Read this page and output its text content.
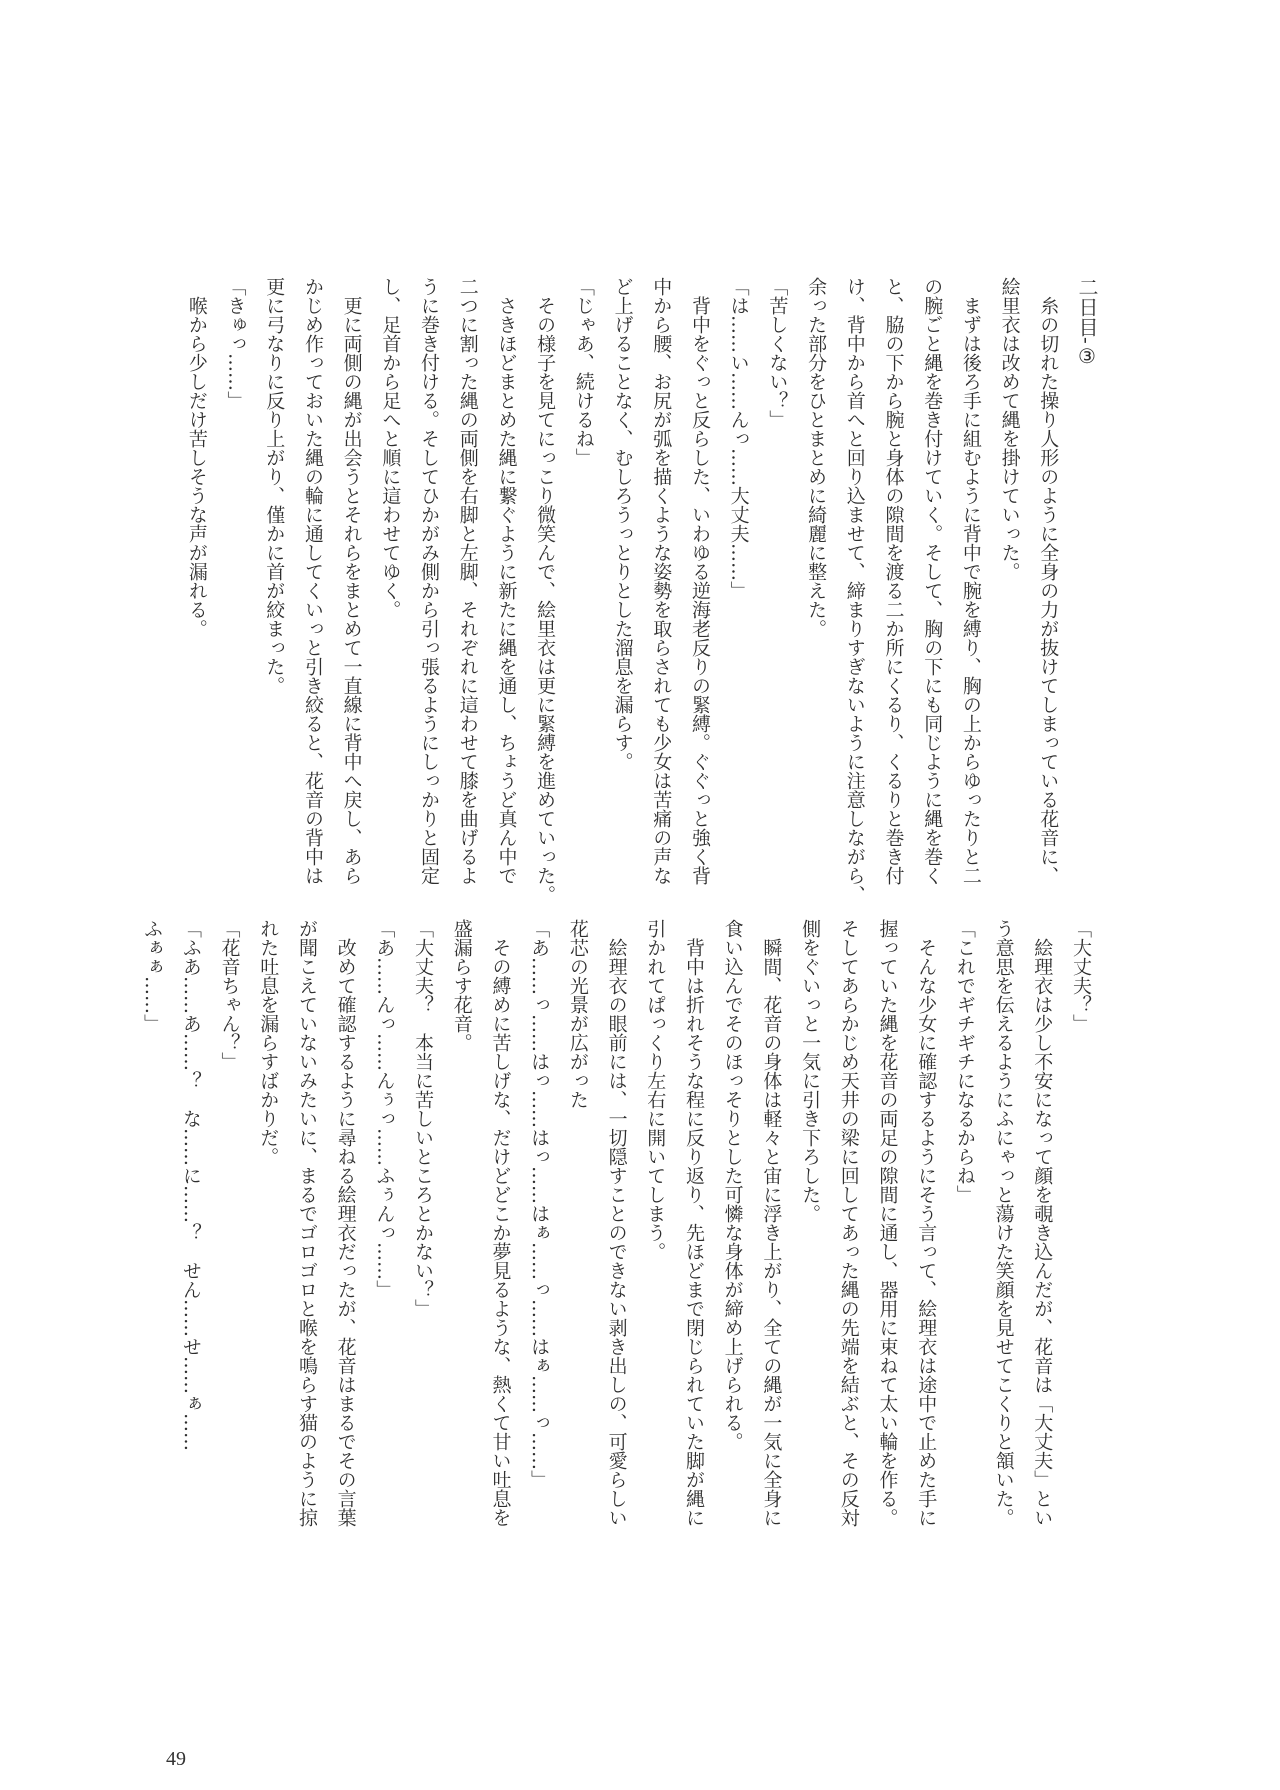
二日目-③

糸の切れた操り人形のように全身の力が抜けてしまっている花音に、

絵里衣は改めて縄を掛けていった。

まずは後ろ手に組むように背中で腕を縛り、胸の上からゆったりと二

の腕ごと縄を巻き付けていく。そして、胸の下にも同じように縄を巻く

と、脇の下から腕と身体の隙間を渡る二か所にくるり、くるりと巻き付

け、背中から首へと回り込ませて、締まりすぎないように注意しながら、

余った部分をひとまとめに綺麗に整えた。

「苦しくない？」

「は……い……んっ……大丈夫……」

背中をぐっと反らした、いわゆる逆海老反りの緊縛。ぐぐっと強く背

中から腰、お尻が弧を描くような姿勢を取らされても少女は苦痛の声な

ど上げることなく、むしろうっとりとした溜息を漏らす。

「じゃあ、続けるね」

その様子を見てにっこり微笑んで、絵里衣は更に緊縛を進めていった。

さきほどまとめた縄に繋ぐように新たに縄を通し、ちょうど真ん中で

二つに割った縄の両側を右脚と左脚、それぞれに這わせて膝を曲げるよ

うに巻き付ける。そしてひかがみ側から引っ張るようにしっかりと固定

し、足首から足へと順に這わせてゆく。

更に両側の縄が出会うとそれらをまとめて一直線に背中へ戻し、あら

かじめ作っておいた縄の輪に通してくいっと引き絞ると、花音の背中は

更に弓なりに反り上がり、僅かに首が絞まった。

「きゅっ……」

喉から少しだけ苦しそうな声が漏れる。

「大丈夫？」

絵理衣は少し不安になって顔を覗き込んだが、花音は「大丈夫」とい

う意思を伝えるようにふにゃっと蕩けた笑顔を見せてこくりと頷いた。

「これでギチギチになるからね」

そんな少女に確認するようにそう言って、絵理衣は途中で止めた手に

握っていた縄を花音の両足の隙間に通し、器用に束ねて太い輪を作る。

そしてあらかじめ天井の梁に回してあった縄の先端を結ぶと、その反対

側をぐいっと一気に引き下ろした。

瞬間、花音の身体は軽々と宙に浮き上がり、全ての縄が一気に全身に

食い込んでそのほっそりとした可憐な身体が締め上げられる。

背中は折れそうな程に反り返り、先ほどまで閉じられていた脚が縄に

引かれてぱっくり左右に開いてしまう。

絵理衣の眼前には、一切隠すことのできない剥き出しの、可愛らしい

花芯の光景が広がった

「あ……っ……はっ……はっ……はぁ……っ……はぁ……っ……」

その縛めに苦しげな、だけどどこか夢見るような、熱くて甘い吐息を

盛漏らす花音。

「大丈夫？　本当に苦しいところとかない？」

「あ……んっ……んぅっ……ふぅんっ……」

改めて確認するように尋ねる絵理衣だったが、花音はまるでその言葉

が聞こえていないみたいに、まるでゴロゴロと喉を鳴らす猫のように掠

れた吐息を漏らすばかりだ。

「花音ちゃん？」

「ふあ……あ……？　な……に……？　せん……せ……ぁ……

ふぁぁ……」

49
